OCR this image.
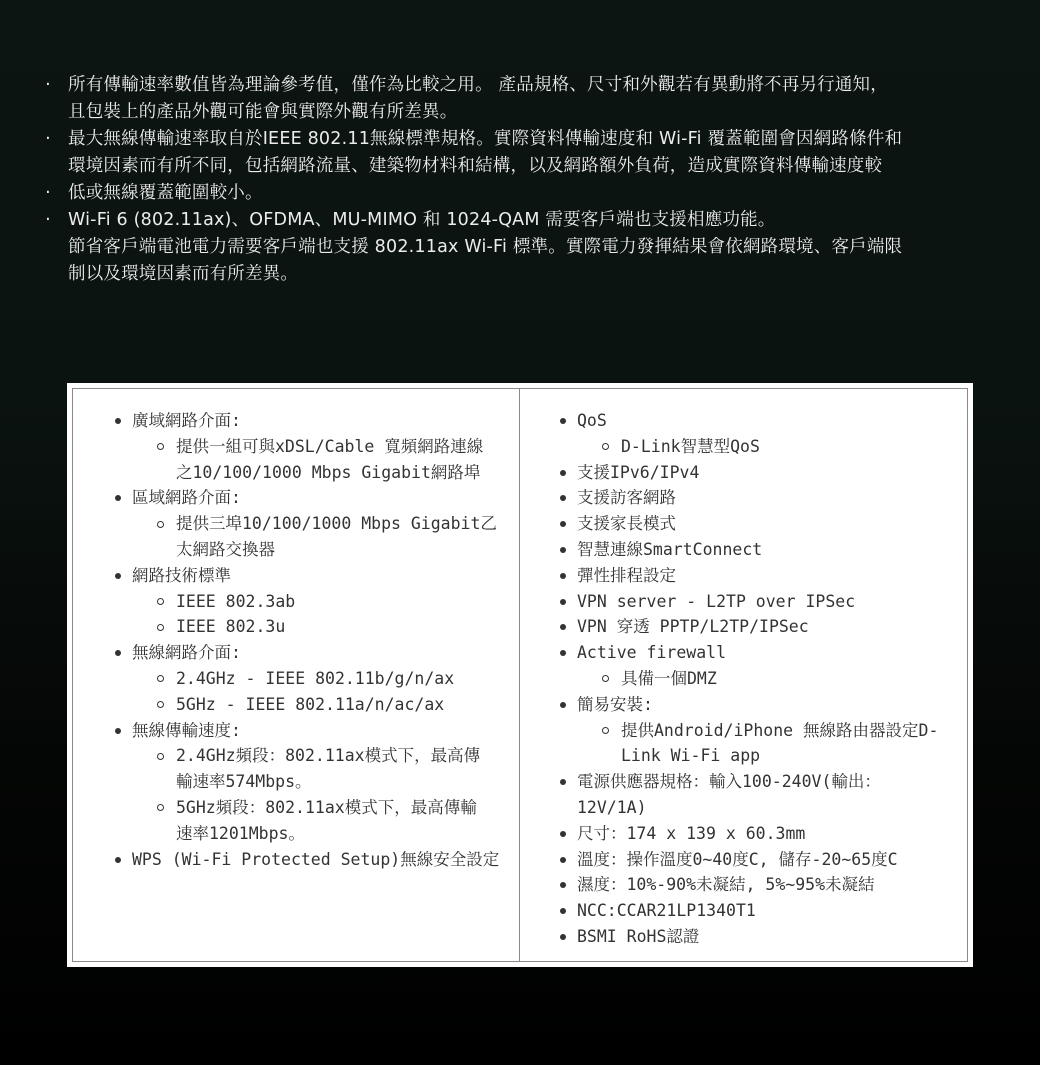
· 所有傳輸速率數值皆為理論參考值，僅作為比較之用。 產品規格、尺寸和外觀若有異動將不再另行通知，
且包裝上的產品外觀可能會與實際外觀有所差異。
· 最大無線傳輸速率取自於IEEE 802.11無線標準規格。實際資料傳輸速度和 Wi-Fi 覆蓋範圍會因網路條件和
環境因素而有所不同，包括網路流量、建築物材料和結構，以及網路額外負荷，造成實際資料傳輸速度較
· 低或無線覆蓋範圍較小。
· Wi-Fi 6 (802.11ax)、OFDMA、MU-MIMO 和 1024-QAM 需要客戶端也支援相應功能。
節省客戶端電池電力需要客戶端也支援 802.11ax Wi-Fi 標準。實際電力發揮結果會依網路環境、客戶端限
制以及環境因素而有所差異。
廣域網路介面:
提供一組可與xDSL/Cable 寬頻網路連線
之10/100/1000 Mbps Gigabit網路埠
區域網路介面:
提供三埠10/100/1000 Mbps Gigabit乙
太網路交換器
網路技術標準
IEEE 802.3ab
IEEE 802.3u
無線網路介面:
2.4GHz - IEEE 802.11b/g/n/ax
5GHz - IEEE 802.11a/n/ac/ax
無線傳輸速度:
2.4GHz頻段：802.11ax模式下，最高傳
輸速率574Mbps。
5GHz頻段：802.11ax模式下，最高傳輸
速率1201Mbps。
WPS (Wi-Fi Protected Setup)無線安全設定
QoS
D-Link智慧型QoS
支援IPv6/IPv4
支援訪客網路
支援家長模式
智慧連線SmartConnect
彈性排程設定
VPN server - L2TP over IPSec
VPN 穿透 PPTP/L2TP/IPSec
Active firewall
具備一個DMZ
簡易安裝:
提供Android/iPhone 無線路由器設定D-
Link Wi-Fi app
電源供應器規格：輸入100-240V(輸出：
12V/1A)
尺寸：174 x 139 x 60.3mm
溫度：操作溫度0~40度C, 儲存-20~65度C
濕度：10%-90%未凝結, 5%~95%未凝結
NCC:CCAR21LP1340T1
BSMI RoHS認證
